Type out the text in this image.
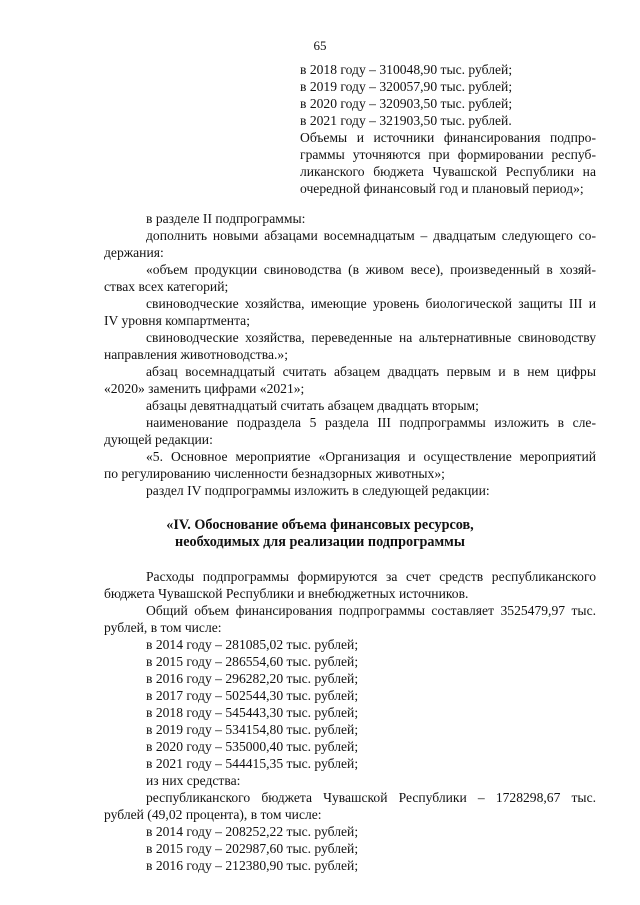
65
в 2018 году – 310048,90 тыс. рублей;
в 2019 году – 320057,90 тыс. рублей;
в 2020 году – 320903,50 тыс. рублей;
в 2021 году – 321903,50 тыс. рублей.
Объемы и источники финансирования подпро-
граммы уточняются при формировании респуб-
ликанского бюджета Чувашской Республики на
очередной финансовый год и плановый период»;
в разделе II подпрограммы:
дополнить новыми абзацами восемнадцатым – двадцатым следующего со-
держания:
«объем продукции свиноводства (в живом весе), произведенный в хозяй-
ствах всех категорий;
свиноводческие хозяйства, имеющие уровень биологической защиты III и
IV уровня компартмента;
свиноводческие хозяйства, переведенные на альтернативные свиноводству
направления животноводства.»;
абзац восемнадцатый считать абзацем двадцать первым и в нем цифры
«2020» заменить цифрами «2021»;
абзацы девятнадцатый считать абзацем двадцать вторым;
наименование подраздела 5 раздела III подпрограммы изложить в сле-
дующей редакции:
«5. Основное мероприятие «Организация и осуществление мероприятий
по регулированию численности безнадзорных животных»;
раздел IV подпрограммы изложить в следующей редакции:
«IV. Обоснование объема финансовых ресурсов,
необходимых для реализации подпрограммы
Расходы подпрограммы формируются за счет средств республиканского
бюджета Чувашской Республики и внебюджетных источников.
Общий объем финансирования подпрограммы составляет 3525479,97 тыс.
рублей, в том числе:
в 2014 году – 281085,02 тыс. рублей;
в 2015 году – 286554,60 тыс. рублей;
в 2016 году – 296282,20 тыс. рублей;
в 2017 году – 502544,30 тыс. рублей;
в 2018 году – 545443,30 тыс. рублей;
в 2019 году – 534154,80 тыс. рублей;
в 2020 году – 535000,40 тыс. рублей;
в 2021 году – 544415,35 тыс. рублей;
из них средства:
республиканского бюджета Чувашской Республики – 1728298,67 тыс.
рублей (49,02 процента), в том числе:
в 2014 году – 208252,22 тыс. рублей;
в 2015 году – 202987,60 тыс. рублей;
в 2016 году – 212380,90 тыс. рублей;
